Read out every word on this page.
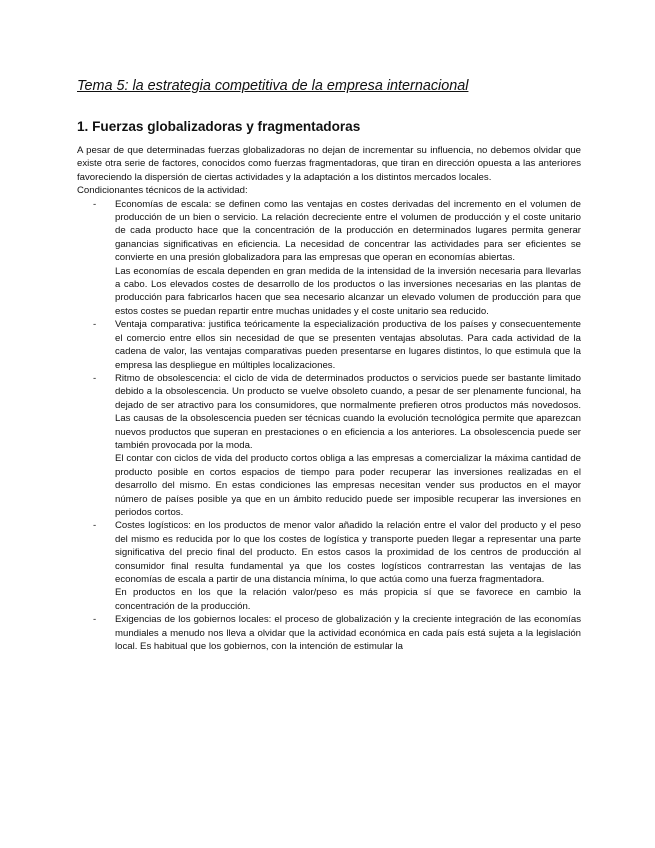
Tema 5: la estrategia competitiva de la empresa internacional
1. Fuerzas globalizadoras y fragmentadoras

A pesar de que determinadas fuerzas globalizadoras no dejan de incrementar su influencia, no debemos olvidar que existe otra serie de factores, conocidos como fuerzas fragmentadoras, que tiran en dirección opuesta a las anteriores favoreciendo la dispersión de ciertas actividades y la adaptación a los distintos mercados locales.

Condicionantes técnicos de la actividad:

- Economías de escala: se definen como las ventajas en costes derivadas del incremento en el volumen de producción de un bien o servicio. La relación decreciente entre el volumen de producción y el coste unitario de cada producto hace que la concentración de la producción en determinados lugares permita generar ganancias significativas en eficiencia. La necesidad de concentrar las actividades para ser eficientes se convierte en una presión globalizadora para las empresas que operan en economías abiertas.

Las economías de escala dependen en gran medida de la intensidad de la inversión necesaria para llevarlas a cabo. Los elevados costes de desarrollo de los productos o las inversiones necesarias en las plantas de producción para fabricarlos hacen que sea necesario alcanzar un elevado volumen de producción para que estos costes se puedan repartir entre muchas unidades y el coste unitario sea reducido.

- Ventaja comparativa: justifica teóricamente la especialización productiva de los países y consecuentemente el comercio entre ellos sin necesidad de que se presenten ventajas absolutas. Para cada actividad de la cadena de valor, las ventajas comparativas pueden presentarse en lugares distintos, lo que estimula que la empresa las despliegue en múltiples localizaciones.

- Ritmo de obsolescencia: el ciclo de vida de determinados productos o servicios puede ser bastante limitado debido a la obsolescencia. Un producto se vuelve obsoleto cuando, a pesar de ser plenamente funcional, ha dejado de ser atractivo para los consumidores, que normalmente prefieren otros productos más novedosos. Las causas de la obsolescencia pueden ser técnicas cuando la evolución tecnológica permite que aparezcan nuevos productos que superan en prestaciones o en eficiencia a los anteriores. La obsolescencia puede ser también provocada por la moda.

El contar con ciclos de vida del producto cortos obliga a las empresas a comercializar la máxima cantidad de producto posible en cortos espacios de tiempo para poder recuperar las inversiones realizadas en el desarrollo del mismo. En estas condiciones las empresas necesitan vender sus productos en el mayor número de países posible ya que en un ámbito reducido puede ser imposible recuperar las inversiones en periodos cortos.

- Costes logísticos: en los productos de menor valor añadido la relación entre el valor del producto y el peso del mismo es reducida por lo que los costes de logística y transporte pueden llegar a representar una parte significativa del precio final del producto. En estos casos la proximidad de los centros de producción al consumidor final resulta fundamental ya que los costes logísticos contrarrestan las ventajas de las economías de escala a partir de una distancia mínima, lo que actúa como una fuerza fragmentadora.

En productos en los que la relación valor/peso es más propicia sí que se favorece en cambio la concentración de la producción.

- Exigencias de los gobiernos locales: el proceso de globalización y la creciente integración de las economías mundiales a menudo nos lleva a olvidar que la actividad económica en cada país está sujeta a la legislación local. Es habitual que los gobiernos, con la intención de estimular la
